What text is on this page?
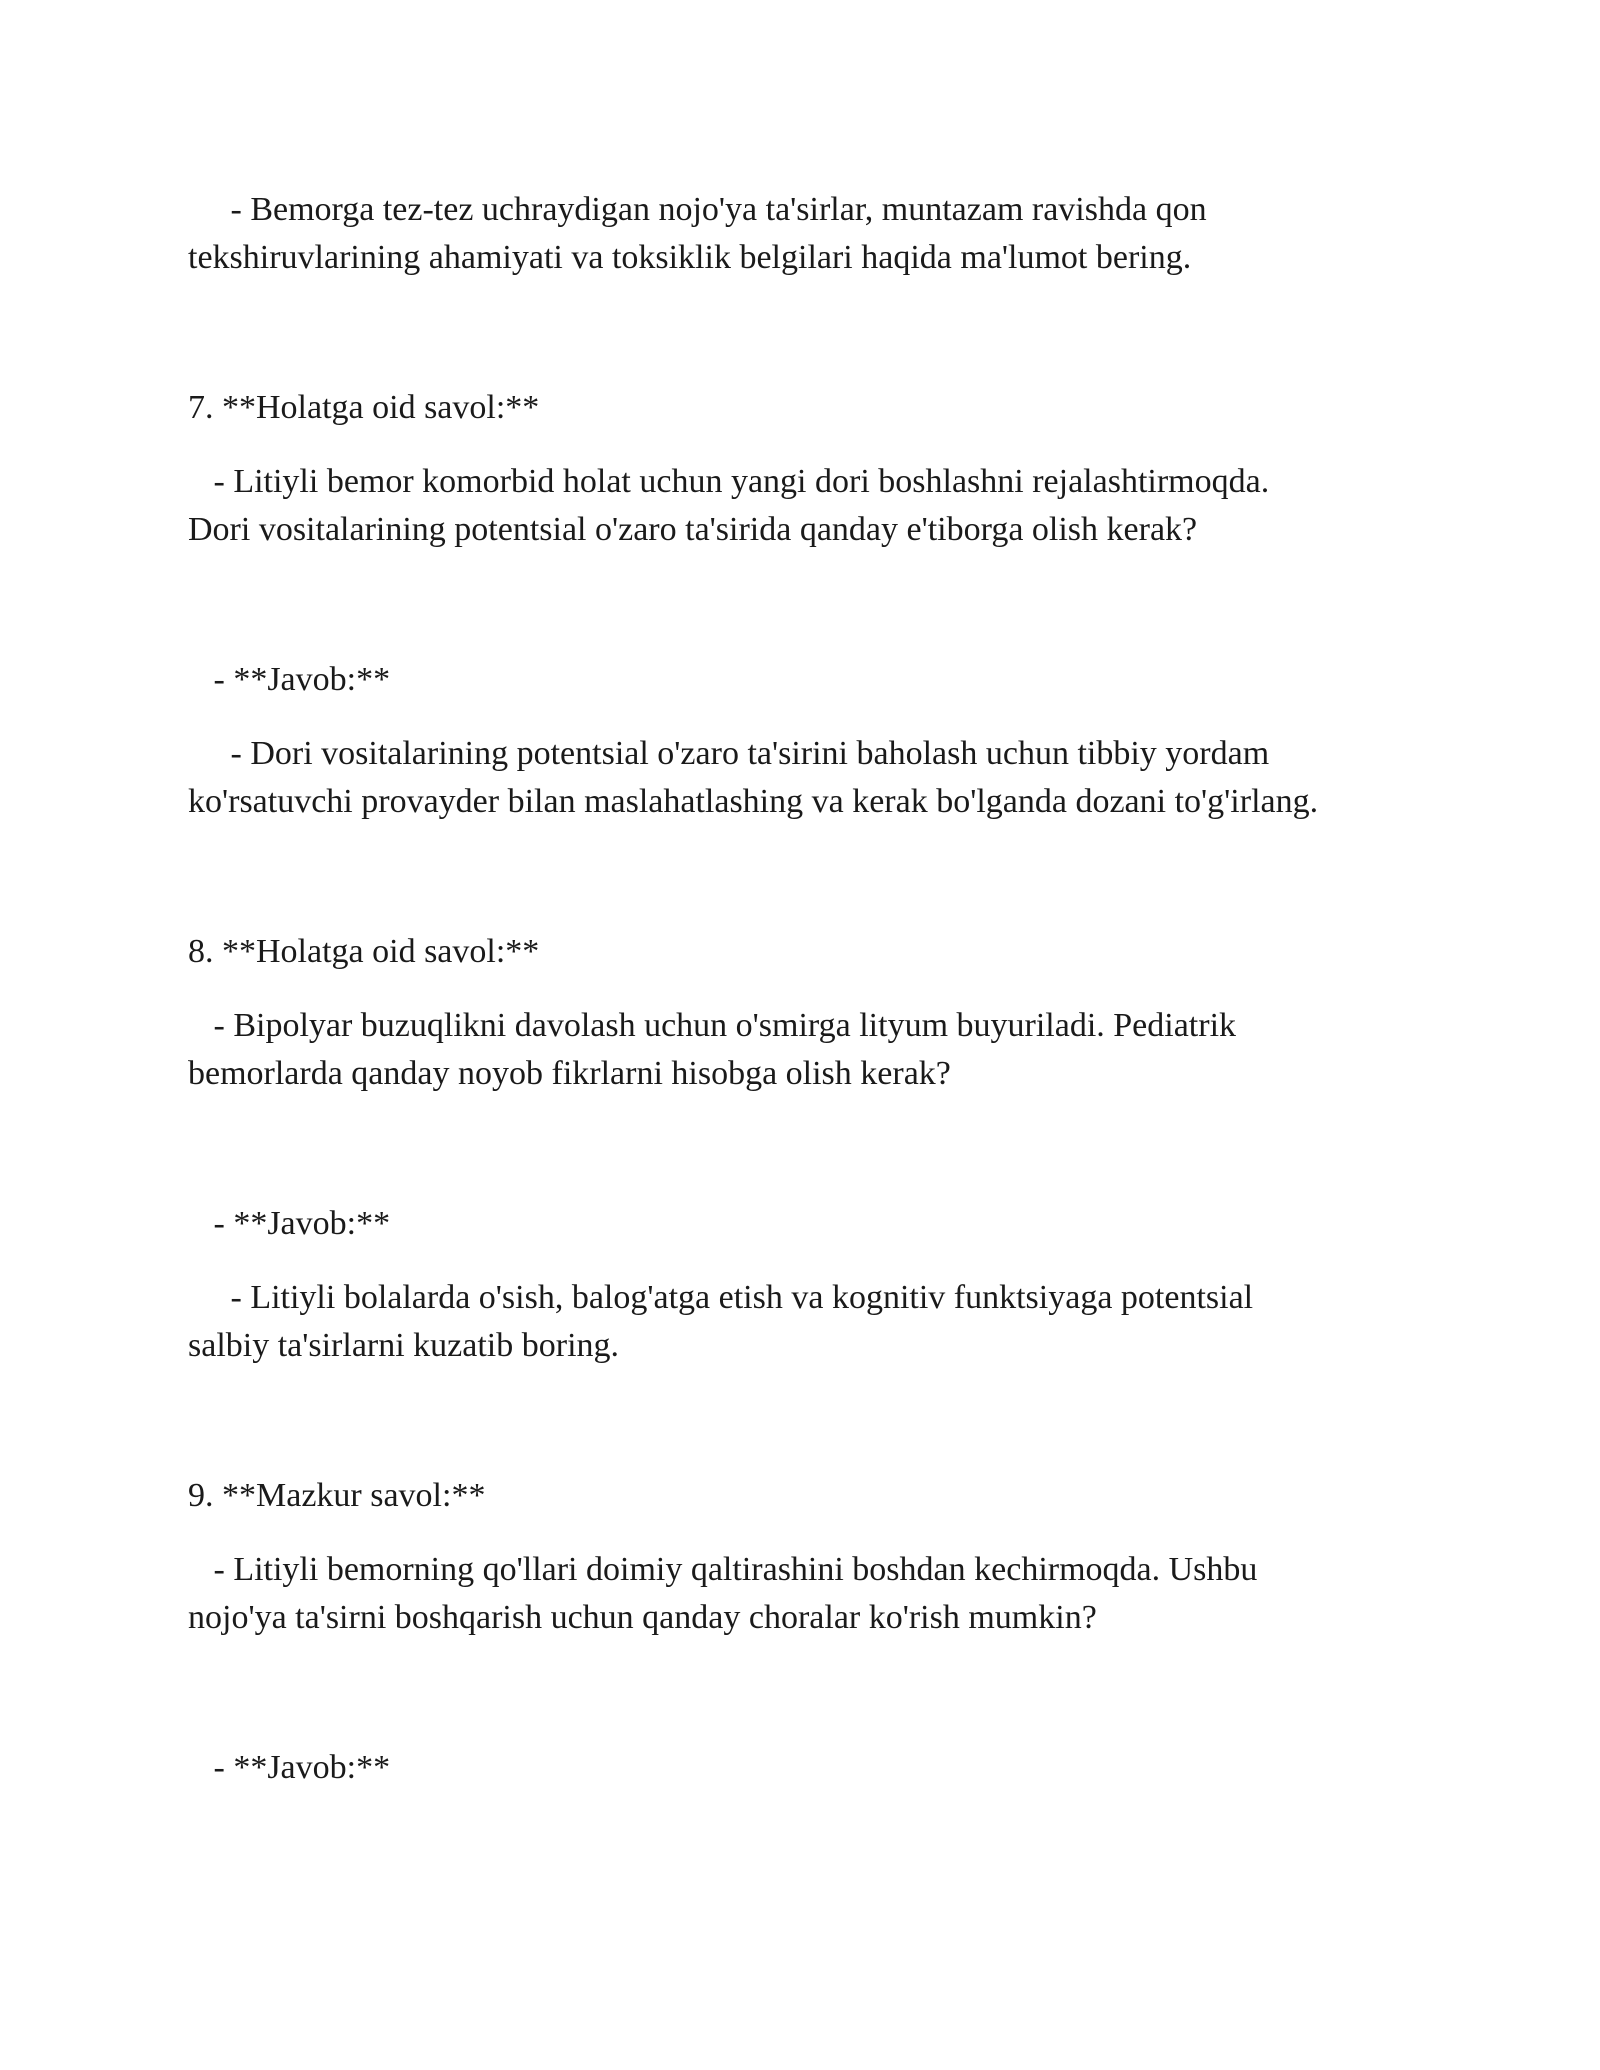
- Bemorga tez-tez uchraydigan nojo'ya ta'sirlar, muntazam ravishda qon

tekshiruvlarining ahamiyati va toksiklik belgilari haqida ma'lumot bering.

7. **Holatga oid savol:**

- Litiyli bemor komorbid holat uchun yangi dori boshlashni rejalashtirmoqda.

Dori vositalarining potentsial o'zaro ta'sirida qanday e'tiborga olish kerak?

- **Javob:**

- Dori vositalarining potentsial o'zaro ta'sirini baholash uchun tibbiy yordam

ko'rsatuvchi provayder bilan maslahatlashing va kerak bo'lganda dozani to'g'irlang.

8. **Holatga oid savol:**

- Bipolyar buzuqlikni davolash uchun o'smirga lityum buyuriladi. Pediatrik

bemorlarda qanday noyob fikrlarni hisobga olish kerak?

- **Javob:**

- Litiyli bolalarda o'sish, balog'atga etish va kognitiv funktsiyaga potentsial

salbiy ta'sirlarni kuzatib boring.

9. **Mazkur savol:**

- Litiyli bemorning qo'llari doimiy qaltirashini boshdan kechirmoqda. Ushbu

nojo'ya ta'sirni boshqarish uchun qanday choralar ko'rish mumkin?

- **Javob:**
